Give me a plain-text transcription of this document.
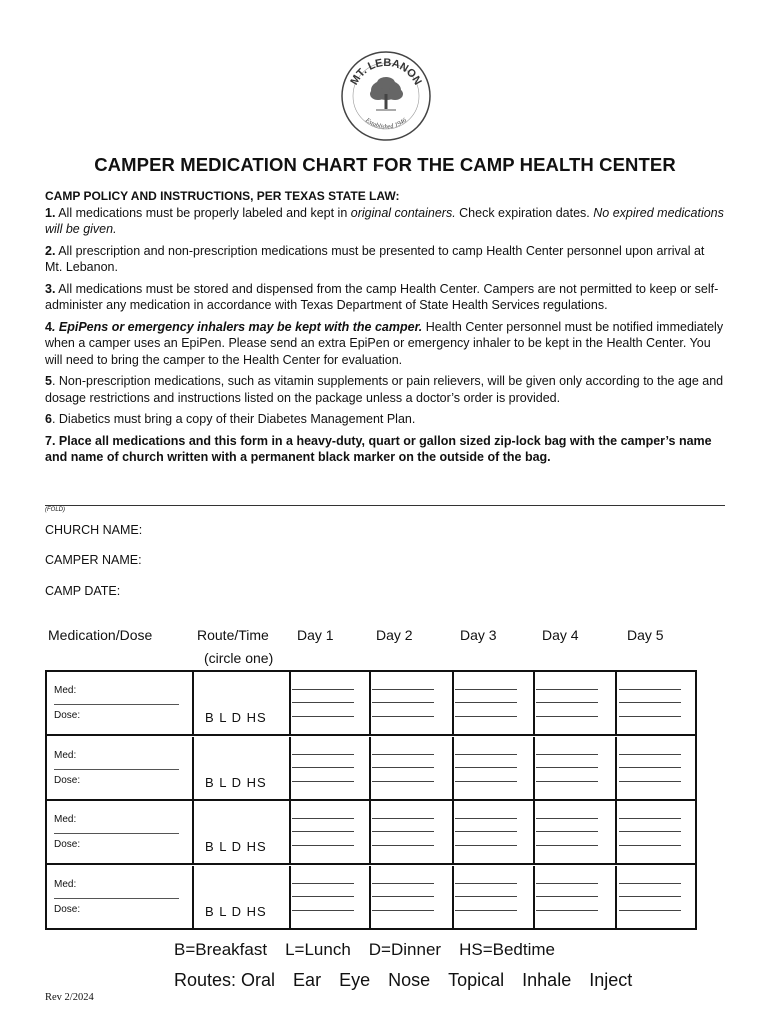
MT. LEBANON
Established 1946
CAMPER MEDICATION CHART FOR THE CAMP HEALTH CENTER
CAMP POLICY AND INSTRUCTIONS, PER TEXAS STATE LAW:

1. All medications must be properly labeled and kept in original containers. Check expiration dates. No expired medications will be given.

2. All prescription and non-prescription medications must be presented to camp Health Center personnel upon arrival at Mt. Lebanon.

3. All medications must be stored and dispensed from the camp Health Center. Campers are not permitted to keep or self-administer any medication in accordance with Texas Department of State Health Services regulations.

4. EpiPens or emergency inhalers may be kept with the camper. Health Center personnel must be notified immediately when a camper uses an EpiPen. Please send an extra EpiPen or emergency inhaler to be kept in the Health Center. You will need to bring the camper to the Health Center for evaluation.

5. Non-prescription medications, such as vitamin supplements or pain relievers, will be given only according to the age and dosage restrictions and instructions listed on the package unless a doctor’s order is provided.

6. Diabetics must bring a copy of their Diabetes Management Plan.

7. Place all medications and this form in a heavy-duty, quart or gallon sized zip-lock bag with the camper’s name and name of church written with a permanent black marker on the outside of the bag.

(FOLD)
CHURCH NAME:
CAMPER NAME:
CAMP DATE:
Medication/Dose	Route/Time
(circle one)
Day 1	Day 2	Day 3	Day 4	Day 5
Med:
Dose:	B L D HS
Med:
Dose:	B L D HS
Med:
Dose:	B L D HS
Med:
Dose:	B L D HS
B=Breakfast L=Lunch D=Dinner HS=Bedtime
Routes: Oral Ear Eye Nose Topical Inhale Inject
Rev 2/2024
